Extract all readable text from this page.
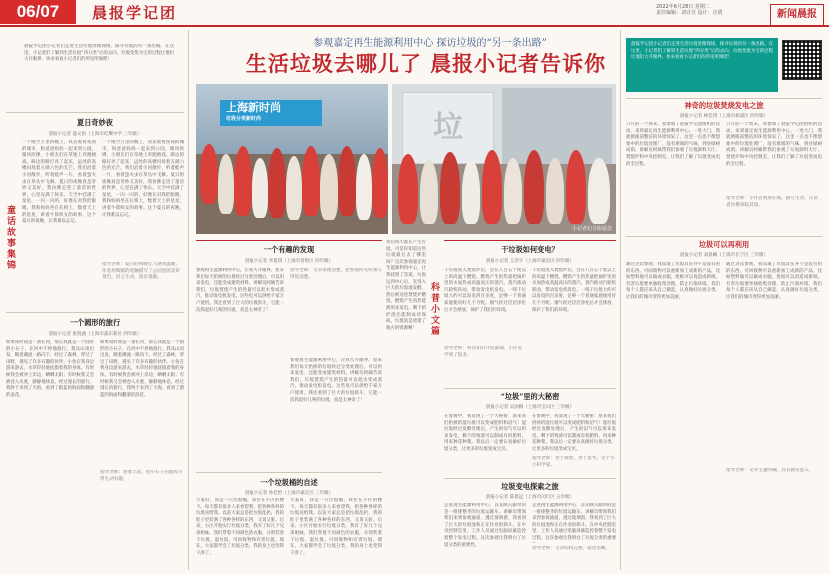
06/07	晨报学记团	2022年6月28日 星期二
责任编辑：刘宣宣 设计：汪倩	新闻晨报
晨报学记团小记者们走进生活垃圾处理现场，探寻垃圾的另一条出路。在这里，小记者们了解到生活垃圾“四分类”后的去向，垃圾变废为宝的过程让他们大开眼界。快来看看小记者们的所见所闻吧！
夏日奇妙夜
晨报小记者 盛文雨（上海市纪鹰中学 三年级）
童话故事集锦
一个晴空万里的晚上，我去观看夜间的城市，和爸爸妈妈一起来到公园，微风吹拂，小朋友们在草地上奔跑嬉戏。路边的路灯亮了起来，远处的高楼闪烁着五颜六色的光芒。我们沿着小河散步，听着蛙声一片，看着萤火虫在草丛中飞舞。夏日的夜晚真是奇妙又美好，我仿佛走进了童话的世界，心里充满了快乐。天空中挂满了星星，一闪一闪的，好像在对我眨眼睛。我和妈妈坐在长椅上，数着天上的星星，讲着牛郎织女的故事。这个夏日的夜晚，让我难以忘记。
一个晴空万里的晚上，我去观看夜间的城市，和爸爸妈妈一起来到公园，微风吹拂，小朋友们在草地上奔跑嬉戏。路边的路灯亮了起来，远处的高楼闪烁着五颜六色的光芒。我们沿着小河散步，听着蛙声一片，看着萤火虫在草丛中飞舞。夏日的夜晚真是奇妙又美好，我仿佛走进了童话的世界，心里充满了快乐。天空中挂满了星星，一闪一闪的，好像在对我眨眼睛。我和妈妈坐在长椅上，数着天上的星星，讲着牛郎织女的故事。这个夏日的夜晚，让我难以忘记。
指导老师：夏日的夜晚让人感到温暖，作者用细腻的笔触描写了公园里的美好景色，语言生动，富有童趣。
一个圆形的旅行
晨报小记者 张悦涵（上海市浦东新区 四年级）
如果说时间是一条长河，那么我就是一个圆形的小石子，在河中不停地旅行。我从山顶出发，顺着溪流一路向下，经过了森林，穿过了田野，遇见了许多有趣的伙伴。小鱼在我身边游来游去，水草轻轻地抚摸着我的身体。有时候我会被冲上岸边，晒晒太阳；有时候我又会被卷入水底，静静地休息。经过漫长的旅行，我终于来到了大海，看到了蔚蓝的海面和翻滚的浪花。
如果说时间是一条长河，那么我就是一个圆形的小石子，在河中不停地旅行。我从山顶出发，顺着溪流一路向下，经过了森林，穿过了田野，遇见了许多有趣的伙伴。小鱼在我身边游来游去，水草轻轻地抚摸着我的身体。有时候我会被冲上岸边，晒晒太阳；有时候我又会被卷入水底，静静地休息。经过漫长的旅行，我终于来到了大海，看到了蔚蓝的海面和翻滚的浪花。
指导老师：想象丰富，把小石子的旅程写得生动有趣。
参观嘉定再生能源利用中心 探访垃圾的“另一条出路”
生活垃圾去哪儿了 晨报小记者告诉你
上海新时尚
垃圾分类新时尚	垃
小记者们合影留念
一个有趣的发现
晨报小记者 李思琪（上海市普陀区 四年级）
参观再生能源利用中心，让我大开眼界。原来我们每天扔掉的垃圾经过分类处理后，可以用来发电，还能变成建筑材料。讲解员阿姨告诉我们，垃圾焚烧产生的热量可以把水变成蒸汽，推动发电机发电。这些电可以供给千家万户使用。我还看到了巨大的垃圾抓斗，它能一次抓起好几吨的垃圾，真是太神奇了！
指导老师：文章条理清楚，把参观所见所闻写得很清楚。
参观再生能源利用中心，让我大开眼界。原来我们每天扔掉的垃圾经过分类处理后，可以用来发电，还能变成建筑材料。讲解员阿姨告诉我们，垃圾焚烧产生的热量可以把水变成蒸汽，推动发电机发电。这些电可以供给千家万户使用。我还看到了巨大的垃圾抓斗，它能一次抓起好几吨的垃圾，真是太神奇了！
一个垃圾桶的自述
晨报小记者 孙佳怡（上海市嘉定区 三年级）
大家好，我是一只垃圾桶，我住在小区的楼下。每天都有很多人来看望我，把各种各样的垃圾送给我。以前大家总是把垃圾乱扔，我的肚子里装满了各种各样的东西，又臭又脏。后来，小区开始实行垃圾分类，我有了好几个兄弟姐妹，我们穿着不同颜色的衣服，分别装着干垃圾、湿垃圾、可回收物和有害垃圾。现在，大家都学会了垃圾分类，我的身上也变得干净了。
大家好，我是一只垃圾桶，我住在小区的楼下。每天都有很多人来看望我，把各种各样的垃圾送给我。以前大家总是把垃圾乱扔，我的肚子里装满了各种各样的东西，又臭又脏。后来，小区开始实行垃圾分类，我有了好几个兄弟姐妹，我们穿着不同颜色的衣服，分别装着干垃圾、湿垃圾、可回收物和有害垃圾。现在，大家都学会了垃圾分类，我的身上也变得干净了。
我们每天都在产生垃圾，可是你知道这些垃圾最后去了哪里吗？这次参观嘉定再生能源利用中心，让我找到了答案。垃圾运到中心后，先进入巨大的垃圾池发酵，然后被送进焚烧炉燃烧。燃烧产生的热能被用来发电，剩下的炉渣还能制成环保砖。垃圾真是放错了地方的资源啊！	科普小文篇
干垃圾如何变电？
晨报小记者 王浩宇（上海市嘉定区 四年级）
干垃圾进入焚烧炉后，会在八百五十度以上的高温下燃烧。燃烧产生的热量把锅炉里的水加热成高温高压的蒸汽，蒸汽推动汽轮机转动，带动发电机发电。一吨干垃圾大约可以发电四百多度，足够一个普通家庭使用好几个月呢。烟气经过层层净化后才会排放，保护了我们的环境。
干垃圾进入焚烧炉后，会在八百五十度以上的高温下燃烧。燃烧产生的热量把锅炉里的水加热成高温高压的蒸汽，蒸汽推动汽轮机转动，带动发电机发电。一吨干垃圾大约可以发电四百多度，足够一个普通家庭使用好几个月呢。烟气经过层层净化后才会排放，保护了我们的环境。
指导老师：科普知识介绍准确，小作者学到了很多。
“垃圾”里的大秘密
晨报小记者 吴雨桐（上海市宝山区 三年级）
在参观中，我发现了一个大秘密：原来我们扔掉的湿垃圾可以变成肥料和沼气！湿垃圾经过发酵处理后，产生的沼气可以用来发电，剩下的残渣可以制成有机肥料，用来种花种菜。我以后一定要认真做好垃圾分类，让更多的垃圾变成宝贝。
在参观中，我发现了一个大秘密：原来我们扔掉的湿垃圾可以变成肥料和沼气！湿垃圾经过发酵处理后，产生的沼气可以用来发电，剩下的残渣可以制成有机肥料，用来种花种菜。我以后一定要认真做好垃圾分类，让更多的垃圾变成宝贝。
指导老师：善于观察，善于思考，是个小小科学家。
垃圾变电探索之旅
晨报小记者 陈思远（上海市闵行区 五年级）
走进再生能源利用中心，首先映入眼帘的是一排排整齐的垃圾运输车。讲解员带领我们来到参观通道，透过玻璃窗，我看到了巨大的垃圾池和正在作业的抓斗。在中央控制室里，工作人员通过电脑屏幕监控着整个发电过程。这次参观让我明白了垃圾分类的重要性。
走进再生能源利用中心，首先映入眼帘的是一排排整齐的垃圾运输车。讲解员带领我们来到参观通道，透过玻璃窗，我看到了巨大的垃圾池和正在作业的抓斗。在中央控制室里，工作人员通过电脑屏幕监控着整个发电过程。这次参观让我明白了垃圾分类的重要
指导老师：文章结构完整，叙述清晰。
晨报学记团小记者们走进生活垃圾处理现场，探寻垃圾的另一条出路。在这里，小记者们了解到生活垃圾“四分类”后的去向，垃圾变废为宝的过程让他们大开眼界。快来看看小记者们的所见所闻吧！
神奇的垃圾焚烧发电之旅
晨报小记者 林佳琪（上海市杨浦区 四年级）
六月的一个周末，我参加了晨报学记团组织的活动，来到嘉定再生能源利用中心。一进大门，我就被眼前整洁的环境惊呆了，这里一点也不像想象中的垃圾处理厂，没有难闻的气味，到处绿树成荫。讲解员阿姨带我们参观了垃圾卸料大厅、焚烧炉和中央控制室，让我们了解了垃圾变成电的全过程。
六月的一个周末，我参加了晨报学记团组织的活动，来到嘉定再生能源利用中心。一进大门，我就被眼前整洁的环境惊呆了，这里一点也不像想象中的垃圾处理厂，没有难闻的气味，到处绿树成荫。讲解员阿姨带我们参观了垃圾卸料大厅、焚烧炉和中央控制室，让我们了解了垃圾变成电的全过程。
指导老师：小作者观察仔细，描写生动，让读者仿佛身临其境。
垃圾可以再利用
晨报小记者 刘晨曦（上海市长宁区 三年级）
通过这次参观，我知道了垃圾其实并不是没有用的东西。可回收物可以重新加工成新的产品，比如塑料瓶可以做成衣服，废纸可以再造成新纸。有害垃圾要单独收集处理，防止污染环境。我们每个人都应该从自己做起，认真做好垃圾分类，让我们的城市变得更加美丽。
通过这次参观，我知道了垃圾其实并不是没有用的东西。可回收物可以重新加工成新的产品，比如塑料瓶可以做成衣服，废纸可以再造成新纸。有害垃圾要单独收集处理，防止污染环境。我们每个人都应该从自己做起，认真做好垃圾分类，让我们的城市变得更加美丽。
指导老师：文章主题明确，具有教育意义。
